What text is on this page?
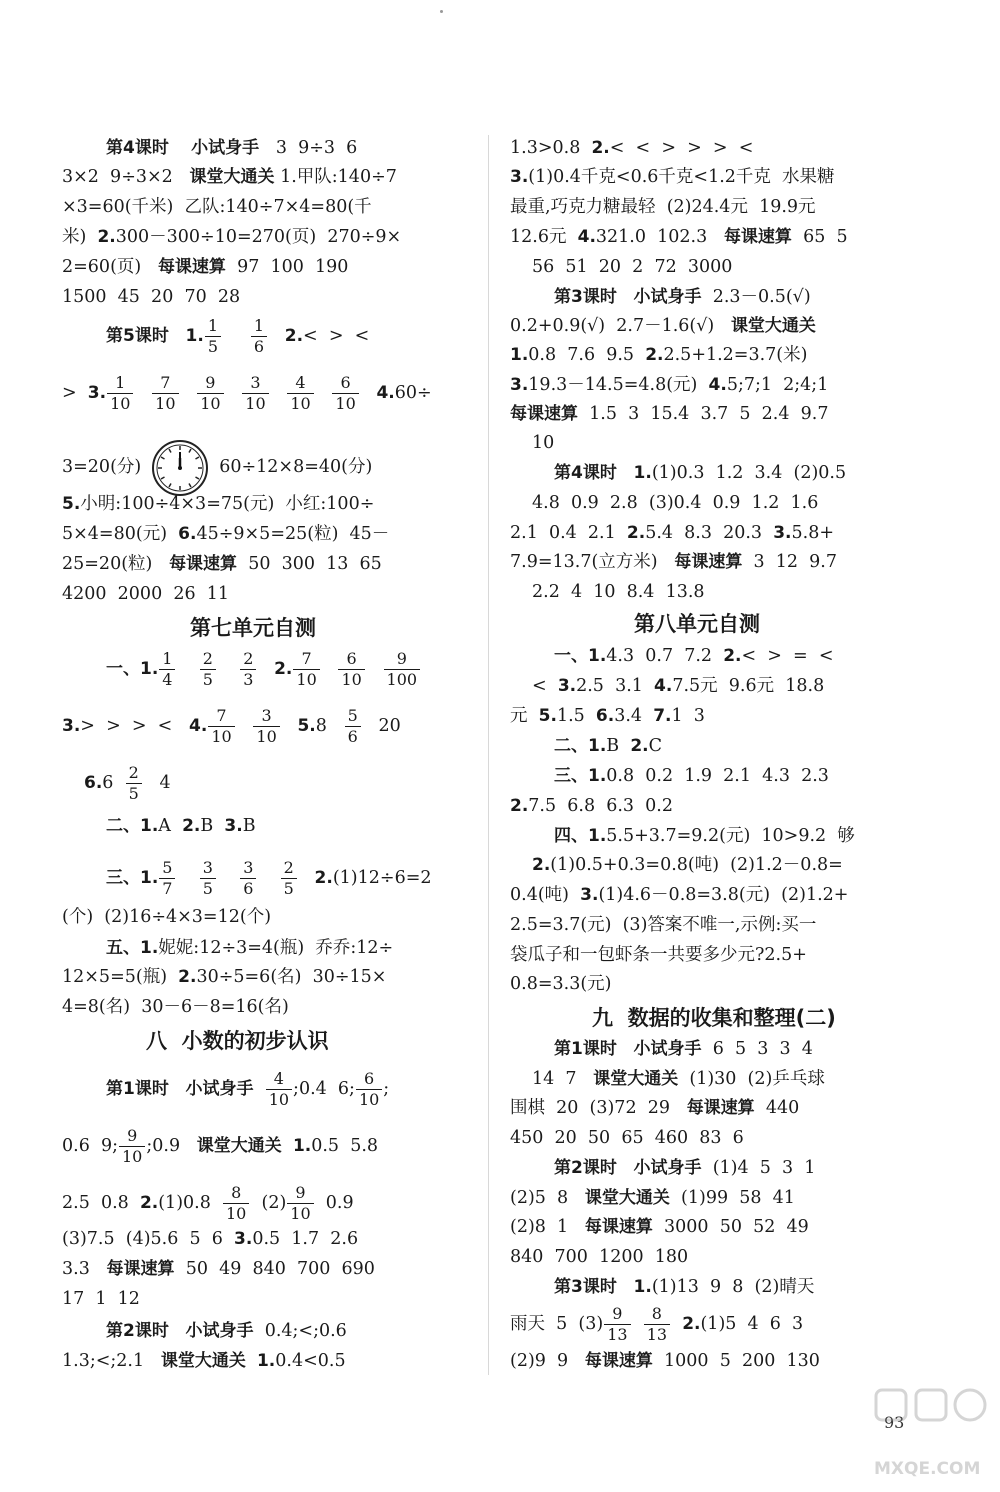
第4课时 小试身手 3  9÷3  6
3×2  9÷3×2 课堂大通关 1.甲队:140÷7
×3=60(千米)  乙队:140÷7×4=80(千
米)  2.300－300÷10=270(页)  270÷9×
2=60(页) 每课速算 97  100  190
1500  45  20  70  28
第5课时 1. $\frac{1}{5}$
$\frac{1}{6} 2.<$  >  <
>  3. $\frac{1}{10}$
$\frac{7}{10}$
$\frac{9}{10}$
$\frac{3}{10}$
$\frac{4}{10}$
$\frac{6}{10} 4.60\div$
3=20(分)	60÷12×8=40(分)
5.小明:100÷4×3=75(元)  小红:100÷
5×4=80(元)  6.45÷9×5=25(粒)  45－
25=20(粒) 每课速算 50  300  13  65
4200  2000  26  11
第七单元自测
一、1. $\frac{1}{4}$
$\frac{2}{5}$
$\frac{2}{3} 2$. $\frac{7}{10}$
$\frac{6}{10}$
$\frac{9}{100}$
3.>  >  >  < 4. $\frac{7}{10}$
$\frac{3}{10} 5.8 \frac{5}{6} 20$
$6.6 \frac{2}{5} 4$
二、1.A 2.B 3.B
三、1. $\frac{5}{7}$
$\frac{3}{5}$
$\frac{3}{6}$
$\frac{2}{5} 2.(1)12\div 6=2$
(个)  (2)16÷4×3=12(个)
五、1.妮妮:12÷3=4(瓶)  乔乔:12÷
12×5=5(瓶)  2.30÷5=6(名)  30÷15×
4=8(名)  30－6－8=16(名)
八  小数的初步认识
第1课时 小试身手 $\frac{4}{10}$ ;0.4  6; $\frac{6}{10}$ ;
0.6  9; $\frac{9}{10}$ ;0.9 课堂大通关 1.0.5  5.8
2.5  0.8 $2.(1)0.8 \frac{8}{10} (2) \frac{9}{10} 0.9$
(3)7.5  (4)5.6  5  6 3.0.5  1.7  2.6
3.3 每课速算 50  49  840  700  690
17  1  12
第2课时 小试身手 0.4;<;0.6
1.3;<;2.1 课堂大通关 1.0.4<0.5
1.3>0.8 2.<  <  >  >  >  <
3.(1)0.4千克<0.6千克<1.2千克  水果糖
最重,巧克力糖最轻  (2)24.4元  19.9元
12.6元 4.321.0  102.3 每课速算 65  5
56  51  20  2  72  3000
第3课时 小试身手 2.3－0.5(√)
0.2+0.9(√)  2.7－1.6(√) 课堂大通关
1.0.8  7.6  9.5 2.2.5+1.2=3.7(米)
3.19.3－14.5=4.8(元) 4.5;7;1  2;4;1
每课速算 1.5  3  15.4  3.7  5  2.4  9.7
10
第4课时 1.(1)0.3  1.2  3.4  (2)0.5
4.8  0.9  2.8  (3)0.4  0.9  1.2  1.6
2.1  0.4  2.1 2.5.4  8.3  20.3 3.5.8+
7.9=13.7(立方米) 每课速算 3  12  9.7
2.2  4  10  8.4  13.8
第八单元自测
一、1.4.3  0.7  7.2 2.<  >  =  <
< 3.2.5  3.1 4.7.5元  9.6元  18.8
元 5.1.5 6.3.4 7.1  3
二、1.B 2.C
三、1.0.8  0.2  1.9  2.1  4.3  2.3
2.7.5  6.8  6.3  0.2
四、1.5.5+3.7=9.2(元)  10>9.2  够
2.(1)0.5+0.3=0.8(吨)  (2)1.2－0.8=
0.4(吨) 3.(1)4.6－0.8=3.8(元)  (2)1.2+
2.5=3.7(元)  (3)答案不唯一,示例:买一
袋瓜子和一包虾条一共要多少元?2.5+
0.8=3.3(元)
九  数据的收集和整理(二)
第1课时 小试身手 6  5  3  3  4
14  7 课堂大通关 (1)30  (2)乒乓球
围棋  20  (3)72  29 每课速算 440
450  20  50  65  460  83  6
第2课时 小试身手 (1)4  5  3  1
(2)5  8 课堂大通关 (1)99  58  41
(2)8  1 每课速算 3000  50  52  49
840  700  1200  180
第3课时 1.(1)13  9  8  (2)晴天
雨天  5  $(3) \frac{9}{13}$
$\frac{8}{13} 2.(1)5$  4  6  3
(2)9  9 每课速算 1000  5  200  130
93
MXQE.COM
